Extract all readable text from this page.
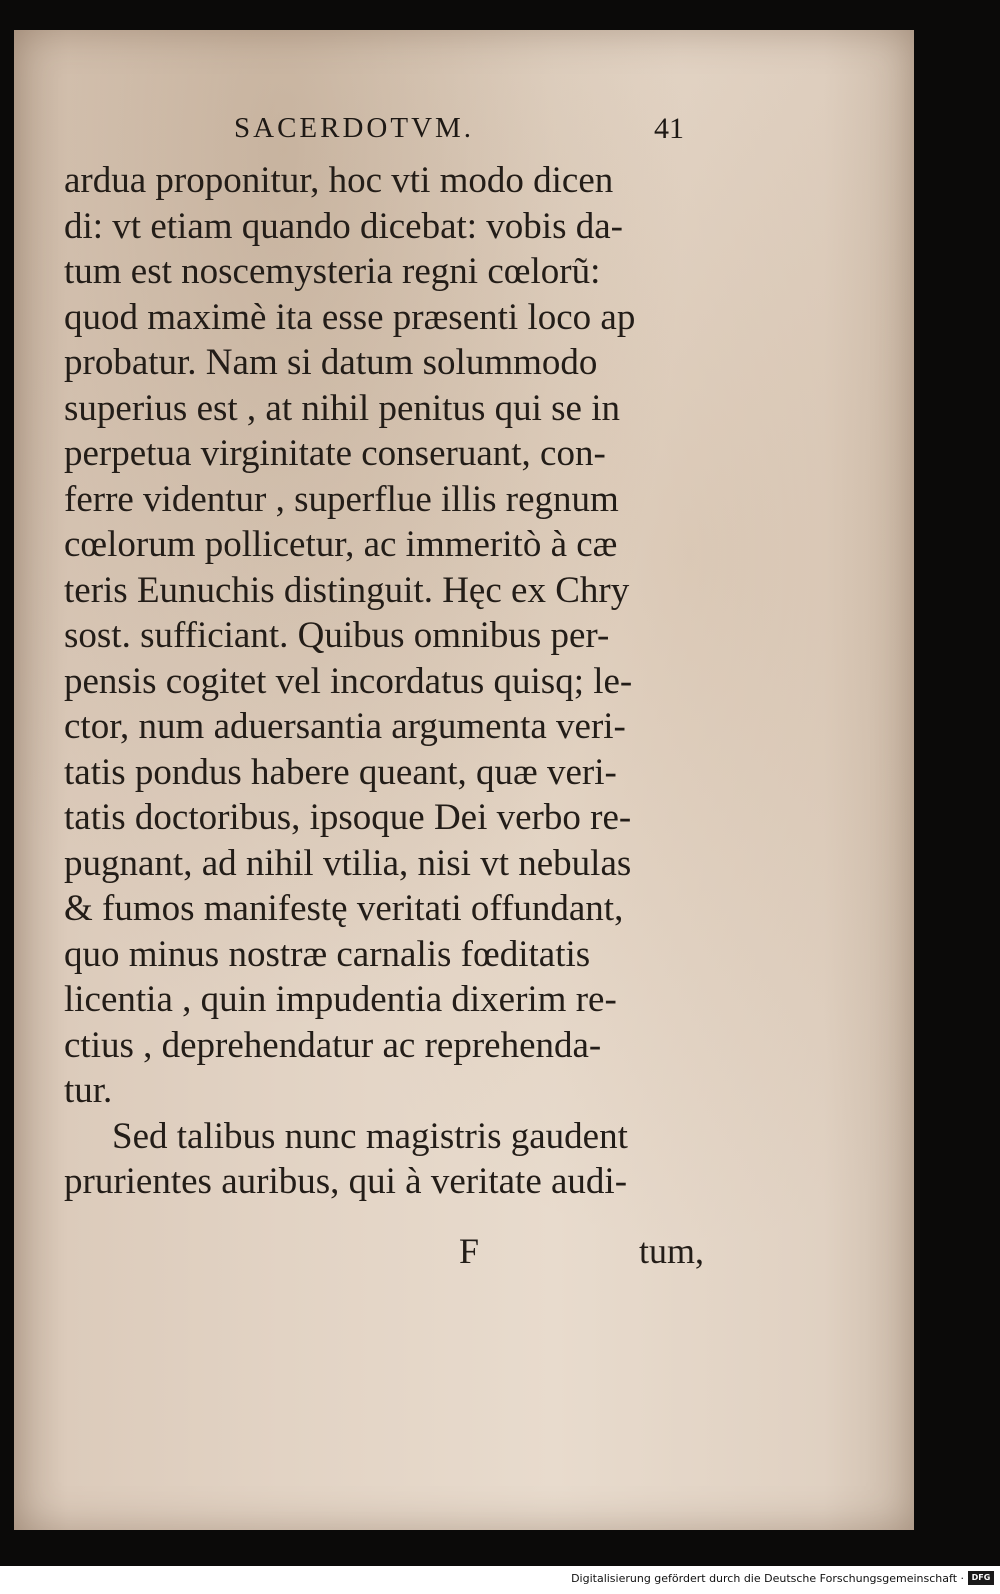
SACERDOTVM.	41
ardua proponitur, hoc vti modo dicen
di: vt etiam quando dicebat: vobis da-
tum est noscemysteria regni cœlorũ:
quod maximè ita esse præsenti loco ap
probatur. Nam si datum solummodo
superius est , at nihil penitus qui se in
perpetua virginitate conseruant, con-
ferre videntur , superflue illis regnum
cœlorum pollicetur, ac immeritò à cæ
teris Eunuchis distinguit. Hęc ex Chry
sost. sufficiant. Quibus omnibus per-
pensis cogitet vel incordatus quisq; le-
ctor, num aduersantia argumenta veri-
tatis pondus habere queant, quæ veri-
tatis doctoribus, ipsoque Dei verbo re-
pugnant, ad nihil vtilia, nisi vt nebulas
& fumos manifestę veritati offundant,
quo minus nostræ carnalis fœditatis
licentia , quin impudentia dixerim re-
ctius , deprehendatur ac reprehenda-
tur.
Sed talibus nunc magistris gaudent
prurientes auribus, qui à veritate audi-
F	tum,
Digitalisierung gefördert durch die Deutsche Forschungsgemeinschaft · DFG
